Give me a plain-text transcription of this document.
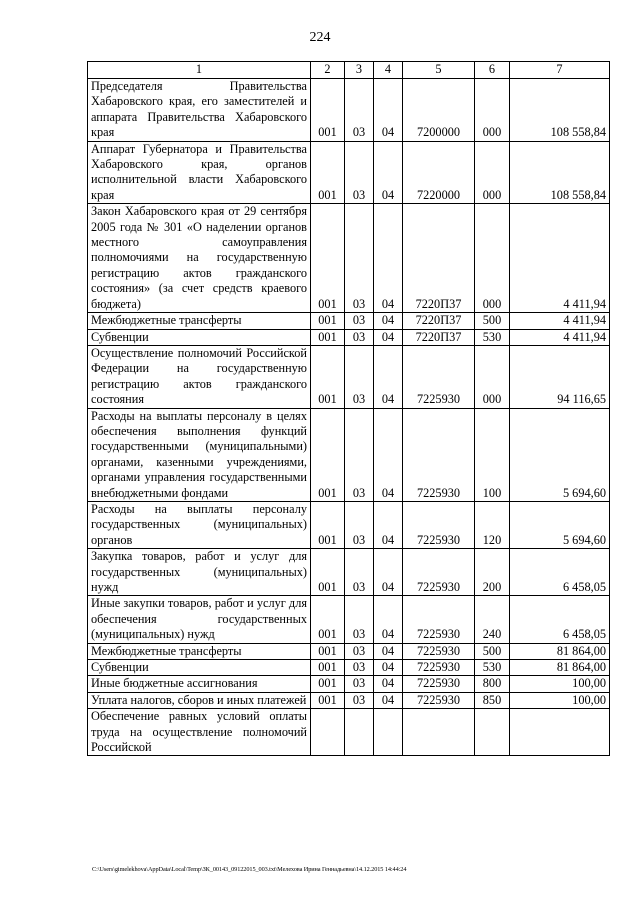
224
1	2	3	4	5	6	7
Председателя Правительства Хабаровского края, его заместителей и аппарата Правительства Хабаровского края	001	03	04	7200000	000	108 558,84
Аппарат Губернатора и Правительства Хабаровского края, органов исполнительной власти Хабаровского края	001	03	04	7220000	000	108 558,84
Закон Хабаровского края от 29 сентября 2005 года № 301 «О наделении органов местного самоуправления полномочиями на государственную регистрацию актов гражданского состояния» (за счет средств краевого бюджета)	001	03	04	7220П37	000	4 411,94
Межбюджетные трансферты	001	03	04	7220П37	500	4 411,94
Субвенции	001	03	04	7220П37	530	4 411,94
Осуществление полномочий Российской Федерации на государственную регистрацию актов гражданского состояния	001	03	04	7225930	000	94 116,65
Расходы на выплаты персоналу в целях обеспечения выполнения функций государственными (муниципальными) органами, казенными учреждениями, органами управления государственными внебюджетными фондами	001	03	04	7225930	100	5 694,60
Расходы на выплаты персоналу государственных (муниципальных) органов	001	03	04	7225930	120	5 694,60
Закупка товаров, работ и услуг для государственных (муниципальных) нужд	001	03	04	7225930	200	6 458,05
Иные закупки товаров, работ и услуг для обеспечения государственных (муниципальных) нужд	001	03	04	7225930	240	6 458,05
Межбюджетные трансферты	001	03	04	7225930	500	81 864,00
Субвенции	001	03	04	7225930	530	81 864,00
Иные бюджетные ассигнования	001	03	04	7225930	800	100,00
Уплата налогов, сборов и иных платежей	001	03	04	7225930	850	100,00
Обеспечение равных условий оплаты труда на осуществление полномочий Российской						
C:\Users\gimelekhova\AppData\Local\Temp\ЗК_00143_09122015_003.txt\Мелехова Ирина Геннадьевна\14.12.2015 14:44:24
